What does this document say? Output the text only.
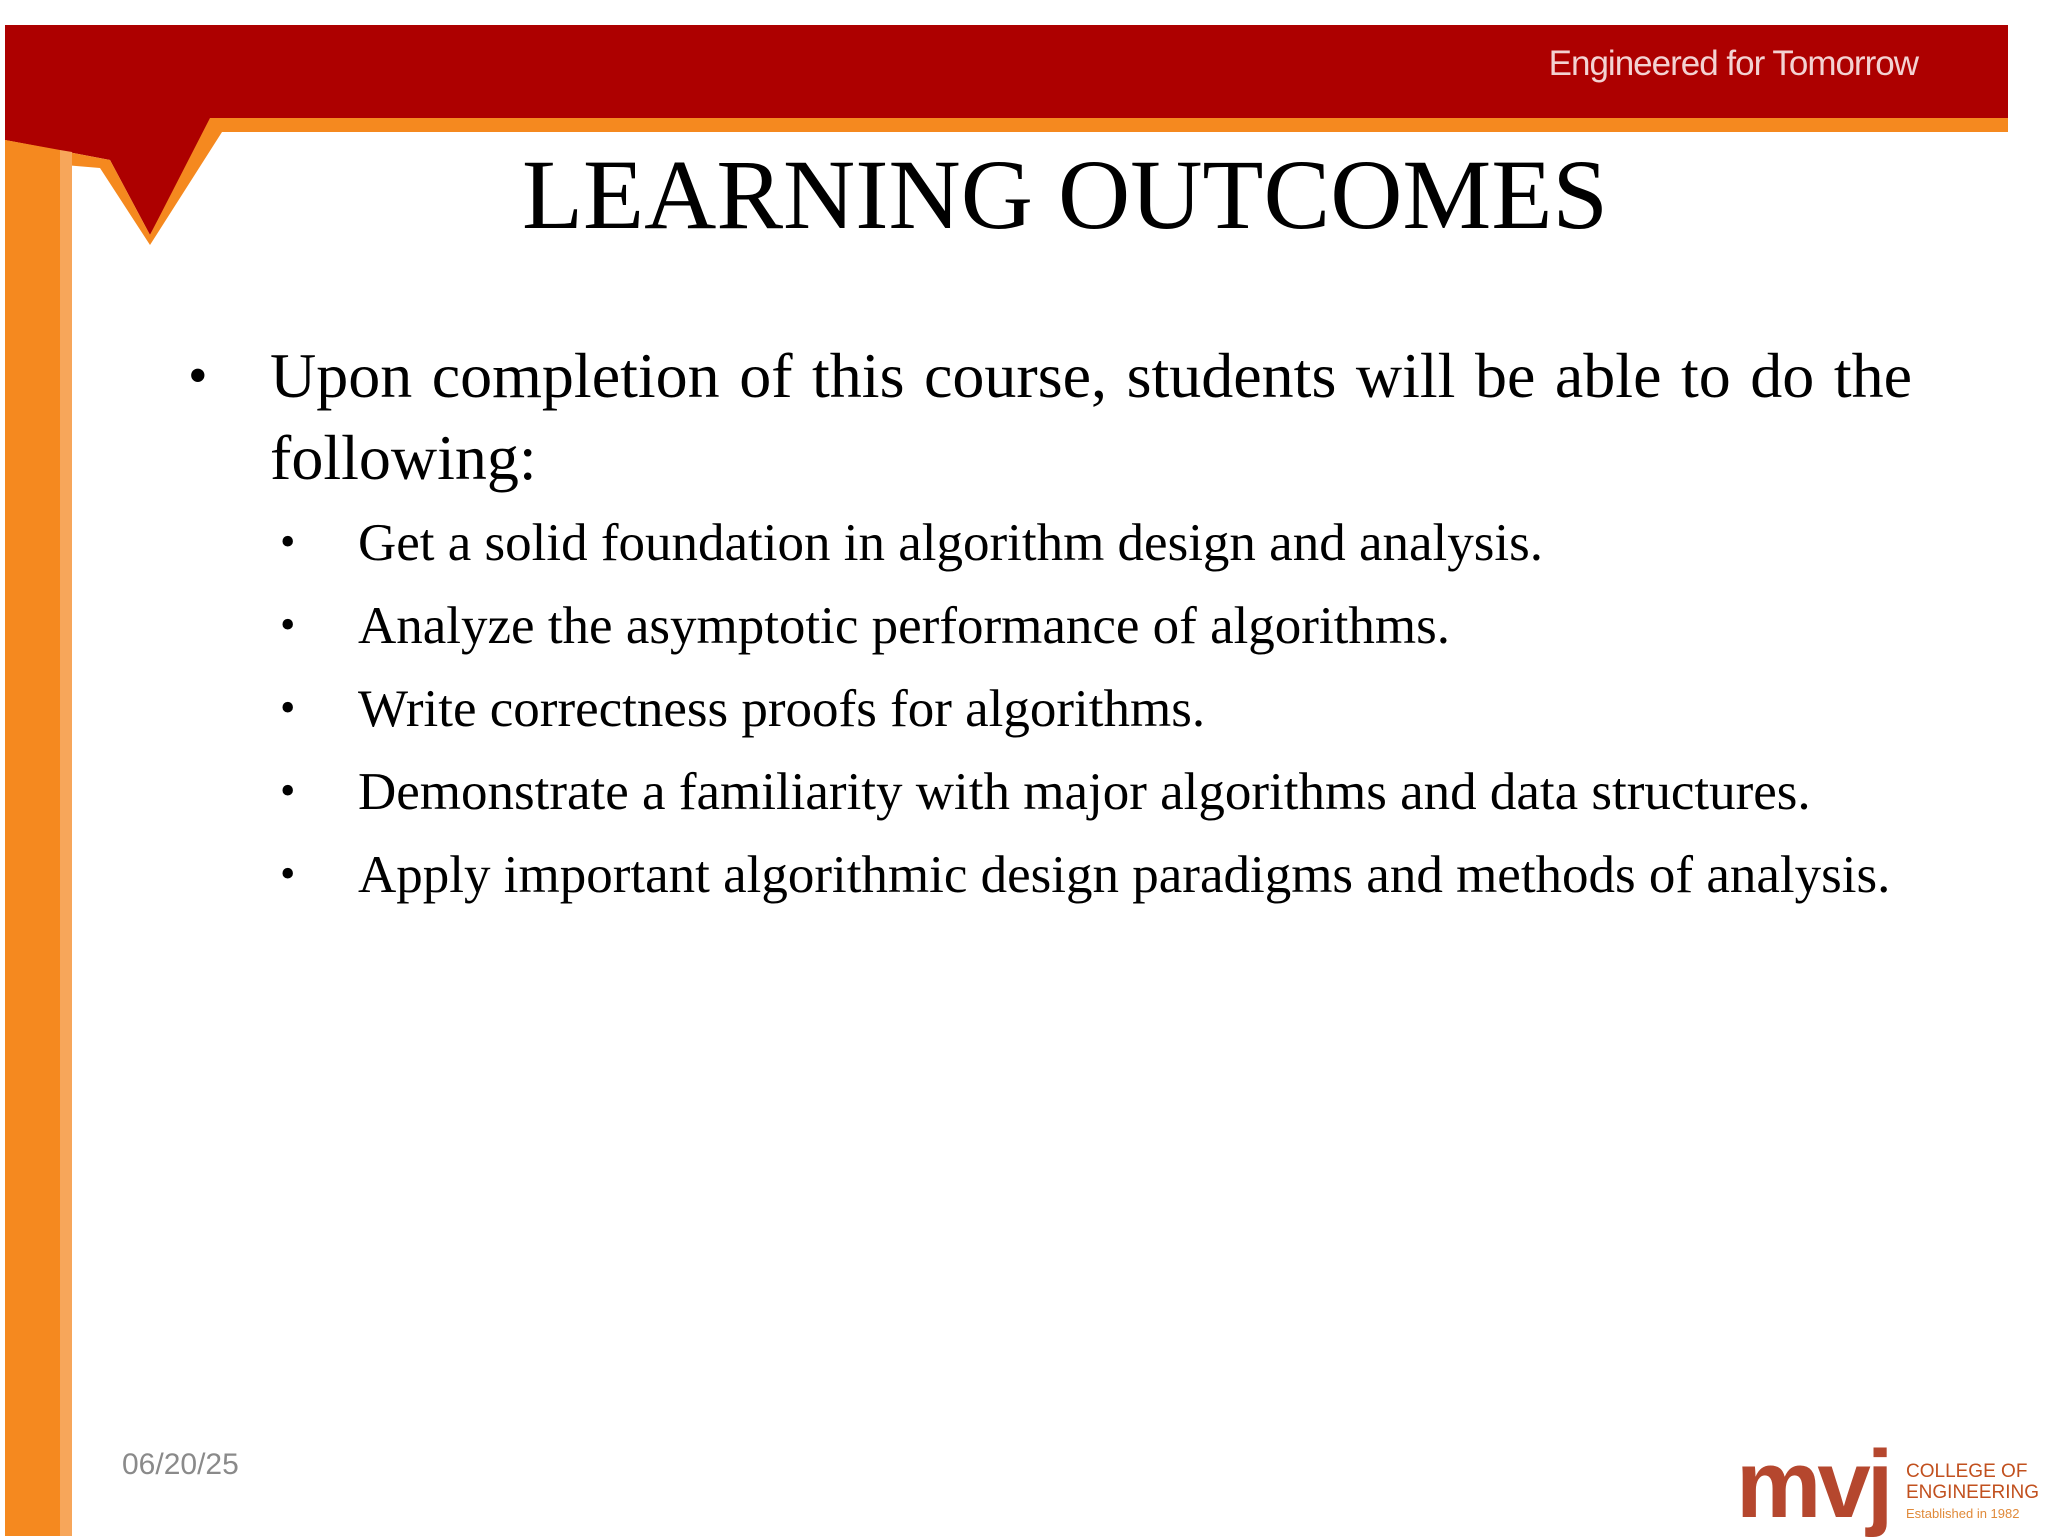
Engineered for Tomorrow
LEARNING OUTCOMES
• Upon completion of this course, students will be able to do the following:
• Get a solid foundation in algorithm design and analysis.
• Analyze the asymptotic performance of algorithms.
• Write correctness proofs for algorithms.
• Demonstrate a familiarity with major algorithms and data structures.
• Apply important algorithmic design paradigms and methods of analysis.
06/20/25	mvj COLLEGE OF
ENGINEERING
Established in 1982
